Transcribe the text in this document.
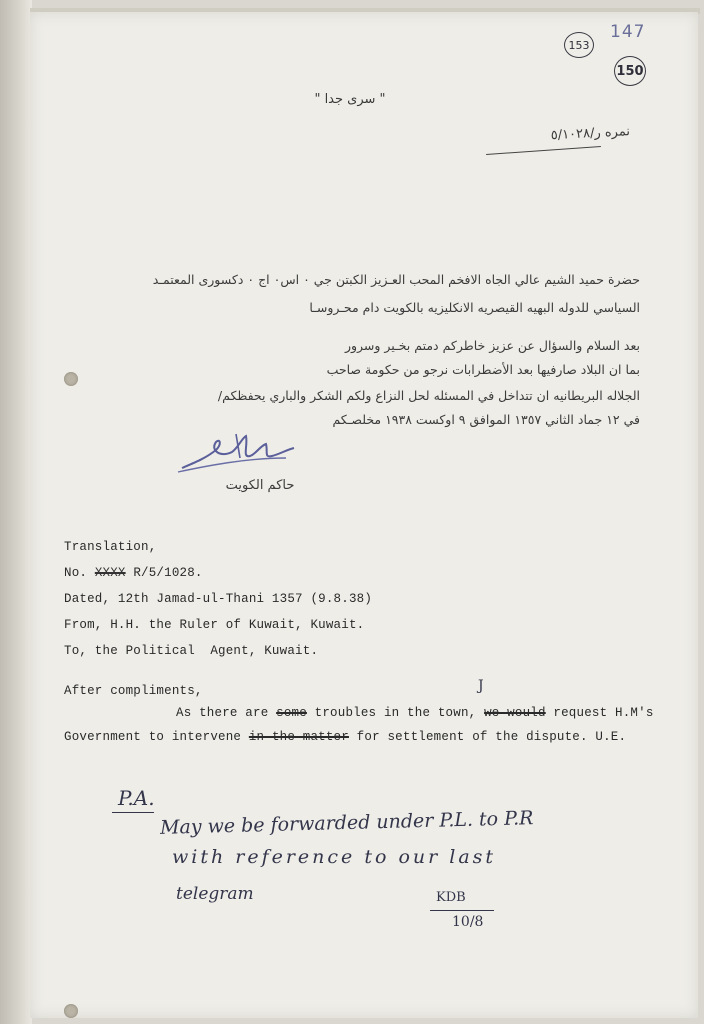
153
147
150
" سرى جدا "
نمره ر/٥/١٠٢٨
حضرة حميد الشيم عالي الجاه الافخم المحب العـزيز الكبتن جي ٠ اس٠ اج ٠ دكسورى المعتمـد
السياسي للدوله البهيه القيصريه الانكليزيه بالكويت دام محـروسـا
بعد السلام والسؤال عن عزيز خاطركم دمتم بخـير وسرور
بما ان البلاد صارفيها بعد الأضطرابات نرجو من حكومة صاحب
الجلاله البريطانيه ان تتداخل في المسئله لحل النزاع ولكم الشكر والباري يحفظكم/
في ١٢ جماد الثاني ١٣٥٧ الموافق ٩ اوكست ١٩٣٨ مخلصـكم
حاكم الكويت
Translation,
No. XXXX R/5/1028.
Dated, 12th Jamad-ul-Thani 1357 (9.8.38)
From, H.H. the Ruler of Kuwait, Kuwait.
To, the Political  Agent, Kuwait.
After compliments,	J
As there are some troubles in the town, we would request H.M's
Government to intervene in the matter for settlement of the dispute. U.E.
P.A.
May we be forwarded under P.L. to P.R
with reference to our last
telegram	KDB
10/8
